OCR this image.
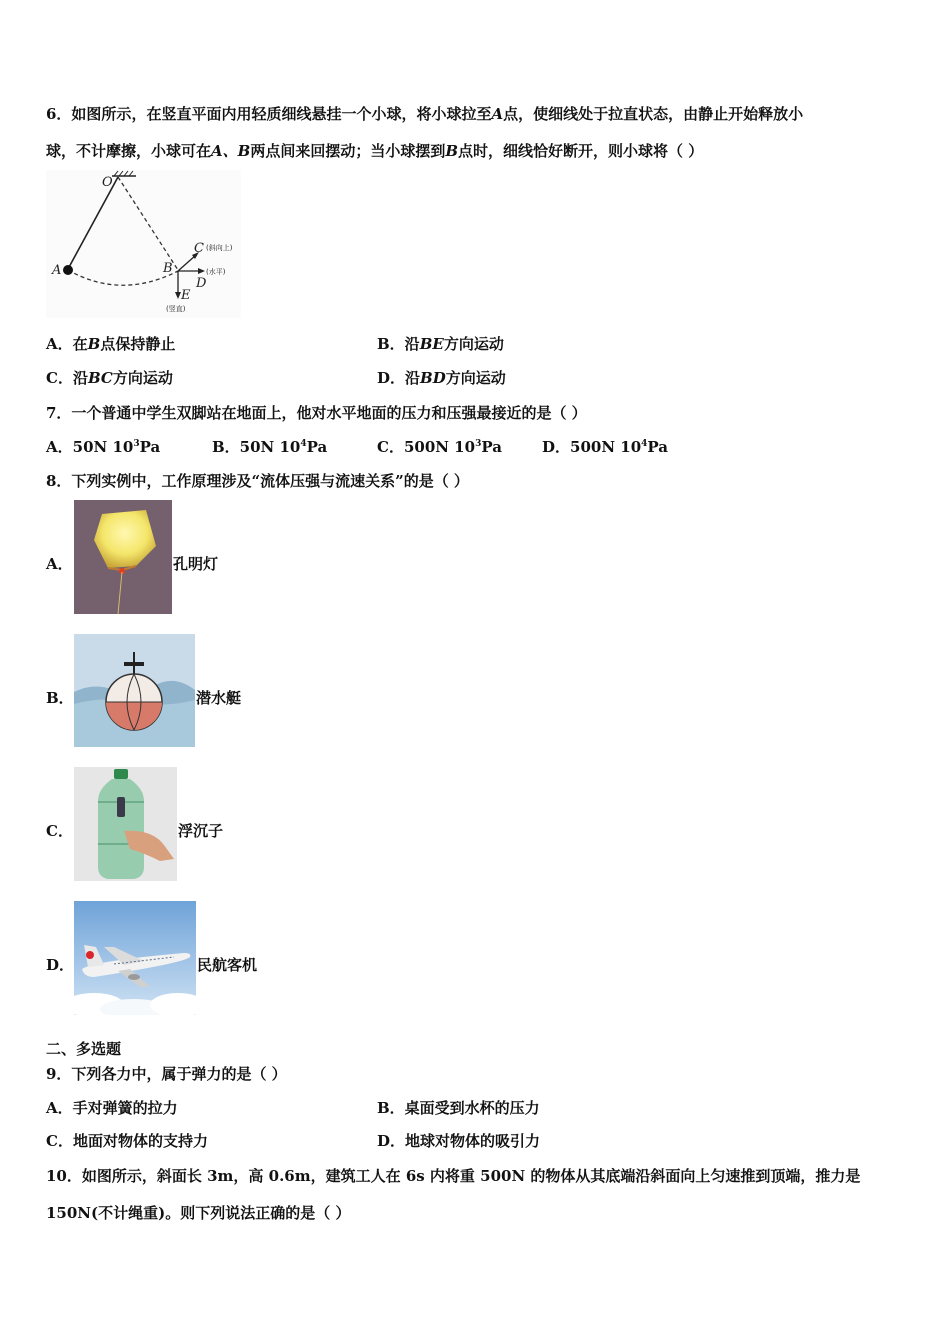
6．如图所示，在竖直平面内用轻质细线悬挂一个小球，将小球拉至A点，使细线处于拉直状态，由静止开始释放小
球，不计摩擦，小球可在A、B两点间来回摆动；当小球摆到B点时，细线恰好断开，则小球将（ ）
O
A	B
C (斜向上)
D
(水平)
E
(竖直)
A．在B点保持静止	B．沿BE方向运动
C．沿BC方向运动	D．沿BD方向运动
7．一个普通中学生双脚站在地面上，他对水平地面的压力和压强最接近的是（ ）
A．50N $10^3Pa$	B．50N $10^4Pa$	C．500N $10^3Pa$	D．500N $10^4Pa$
8．下列实例中，工作原理涉及“流体压强与流速关系”的是（ ）
A．	孔明灯
B．	潜水艇
C．	浮沉子
D．	民航客机
二、多选题
9．下列各力中，属于弹力的是（ ）
A．手对弹簧的拉力	B．桌面受到水杯的压力
C．地面对物体的支持力	D．地球对物体的吸引力
10．如图所示，斜面长 3m，高 0.6m，建筑工人在 6s 内将重 500N 的物体从其底端沿斜面向上匀速推到顶端，推力是
150N(不计绳重)。则下列说法正确的是（ ）
